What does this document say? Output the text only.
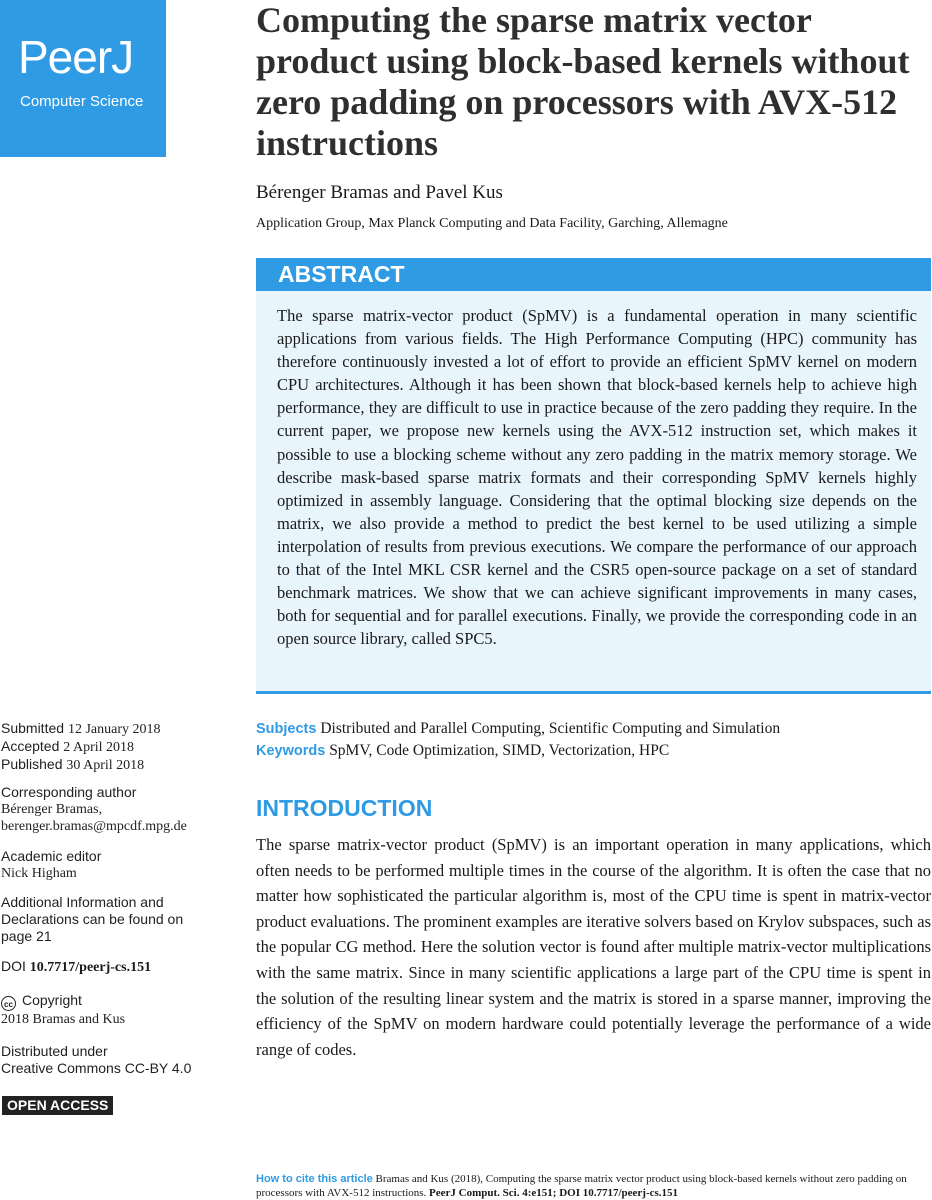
PeerJ
Computer Science
Computing the sparse matrix vector product using block-based kernels without zero padding on processors with AVX-512 instructions

Bérenger Bramas and Pavel Kus

Application Group, Max Planck Computing and Data Facility, Garching, Allemagne

ABSTRACT

The sparse matrix-vector product (SpMV) is a fundamental operation in many scientific applications from various fields. The High Performance Computing (HPC) community has therefore continuously invested a lot of effort to provide an efficient SpMV kernel on modern CPU architectures. Although it has been shown that block-based kernels help to achieve high performance, they are difficult to use in practice because of the zero padding they require. In the current paper, we propose new kernels using the AVX-512 instruction set, which makes it possible to use a blocking scheme without any zero padding in the matrix memory storage. We describe mask-based sparse matrix formats and their corresponding SpMV kernels highly optimized in assembly language. Considering that the optimal blocking size depends on the matrix, we also provide a method to predict the best kernel to be used utilizing a simple interpolation of results from previous executions. We compare the performance of our approach to that of the Intel MKL CSR kernel and the CSR5 open-source package on a set of standard benchmark matrices. We show that we can achieve significant improvements in many cases, both for sequential and for parallel executions. Finally, we provide the corresponding code in an open source library, called SPC5.

Submitted 12 January 2018

Accepted 2 April 2018

Published 30 April 2018

Corresponding author

Bérenger Bramas,

berenger.bramas@mpcdf.mpg.de

Academic editor

Nick Higham

Additional Information and

Declarations can be found on

page 21

DOI 10.7717/peerj-cs.151

cc Copyright

2018 Bramas and Kus

Distributed under

Creative Commons CC-BY 4.0

OPEN ACCESS
Subjects Distributed and Parallel Computing, Scientific Computing and Simulation
Keywords SpMV, Code Optimization, SIMD, Vectorization, HPC
INTRODUCTION

The sparse matrix-vector product (SpMV) is an important operation in many applications, which often needs to be performed multiple times in the course of the algorithm. It is often the case that no matter how sophisticated the particular algorithm is, most of the CPU time is spent in matrix-vector product evaluations. The prominent examples are iterative solvers based on Krylov subspaces, such as the popular CG method. Here the solution vector is found after multiple matrix-vector multiplications with the same matrix. Since in many scientific applications a large part of the CPU time is spent in the solution of the resulting linear system and the matrix is stored in a sparse manner, improving the efficiency of the SpMV on modern hardware could potentially leverage the performance of a wide range of codes.

How to cite this article Bramas and Kus (2018), Computing the sparse matrix vector product using block-based kernels without zero padding on processors with AVX-512 instructions. PeerJ Comput. Sci. 4:e151; DOI 10.7717/peerj-cs.151
